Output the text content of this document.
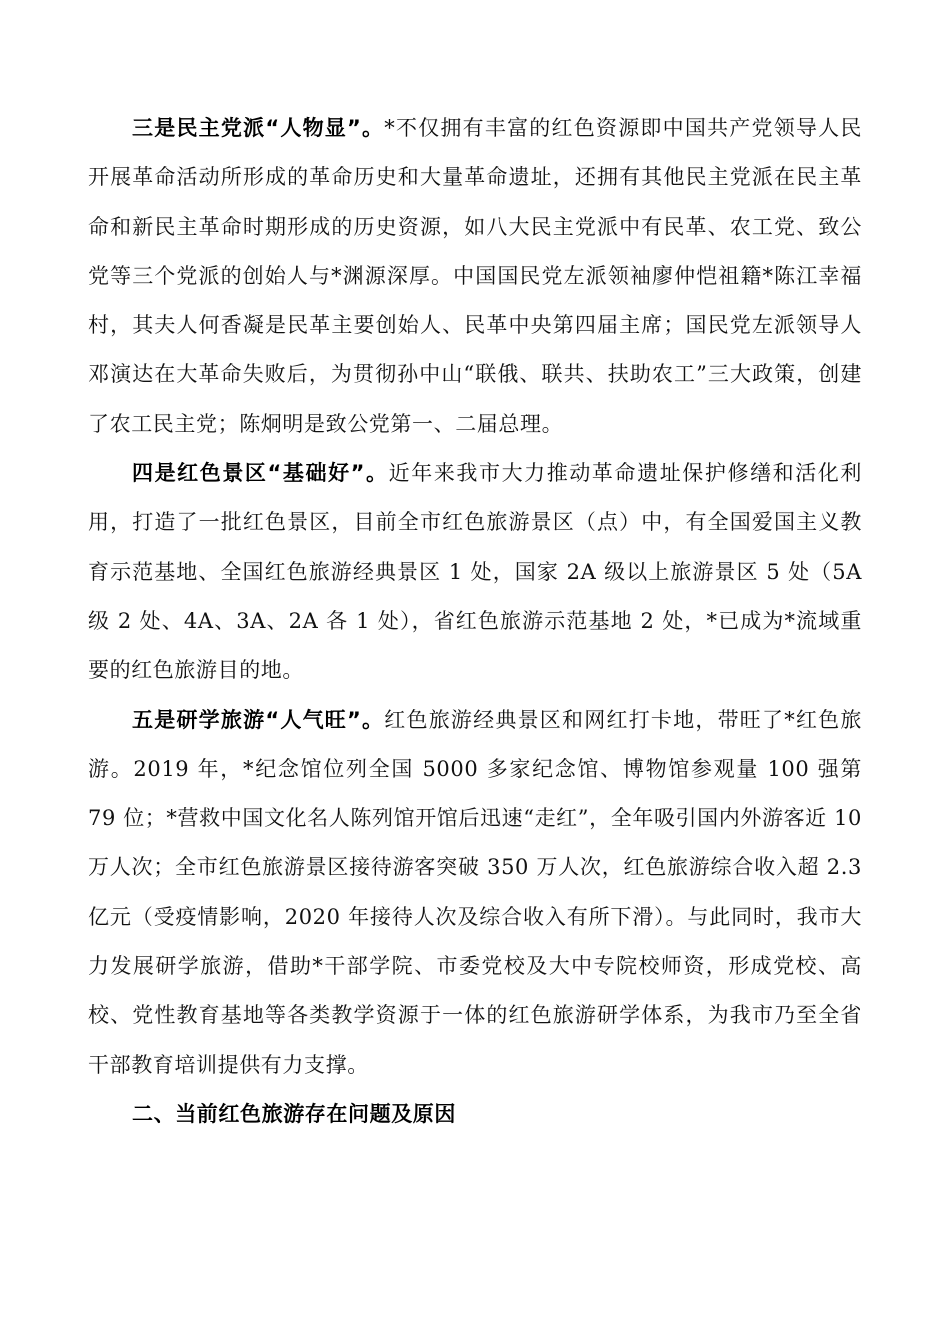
三是民主党派“人物显”。*不仅拥有丰富的红色资源即中国共产党领导人民开展革命活动所形成的革命历史和大量革命遗址，还拥有其他民主党派在民主革命和新民主革命时期形成的历史资源，如八大民主党派中有民革、农工党、致公党等三个党派的创始人与*渊源深厚。中国国民党左派领袖廖仲恺祖籍*陈江幸福村，其夫人何香凝是民革主要创始人、民革中央第四届主席；国民党左派领导人邓演达在大革命失败后，为贯彻孙中山“联俄、联共、扶助农工”三大政策，创建了农工民主党；陈炯明是致公党第一、二届总理。

四是红色景区“基础好”。近年来我市大力推动革命遗址保护修缮和活化利用，打造了一批红色景区，目前全市红色旅游景区（点）中，有全国爱国主义教育示范基地、全国红色旅游经典景区 1 处，国家 2A 级以上旅游景区 5 处（5A 级 2 处、4A、3A、2A 各 1 处），省红色旅游示范基地 2 处，*已成为*流域重要的红色旅游目的地。

五是研学旅游“人气旺”。红色旅游经典景区和网红打卡地，带旺了*红色旅游。2019 年，*纪念馆位列全国 5000 多家纪念馆、博物馆参观量 100 强第 79 位；*营救中国文化名人陈列馆开馆后迅速“走红”，全年吸引国内外游客近 10 万人次；全市红色旅游景区接待游客突破 350 万人次，红色旅游综合收入超 2.3 亿元（受疫情影响，2020 年接待人次及综合收入有所下滑）。与此同时，我市大力发展研学旅游，借助*干部学院、市委党校及大中专院校师资，形成党校、高校、党性教育基地等各类教学资源于一体的红色旅游研学体系，为我市乃至全省干部教育培训提供有力支撑。

二、当前红色旅游存在问题及原因
